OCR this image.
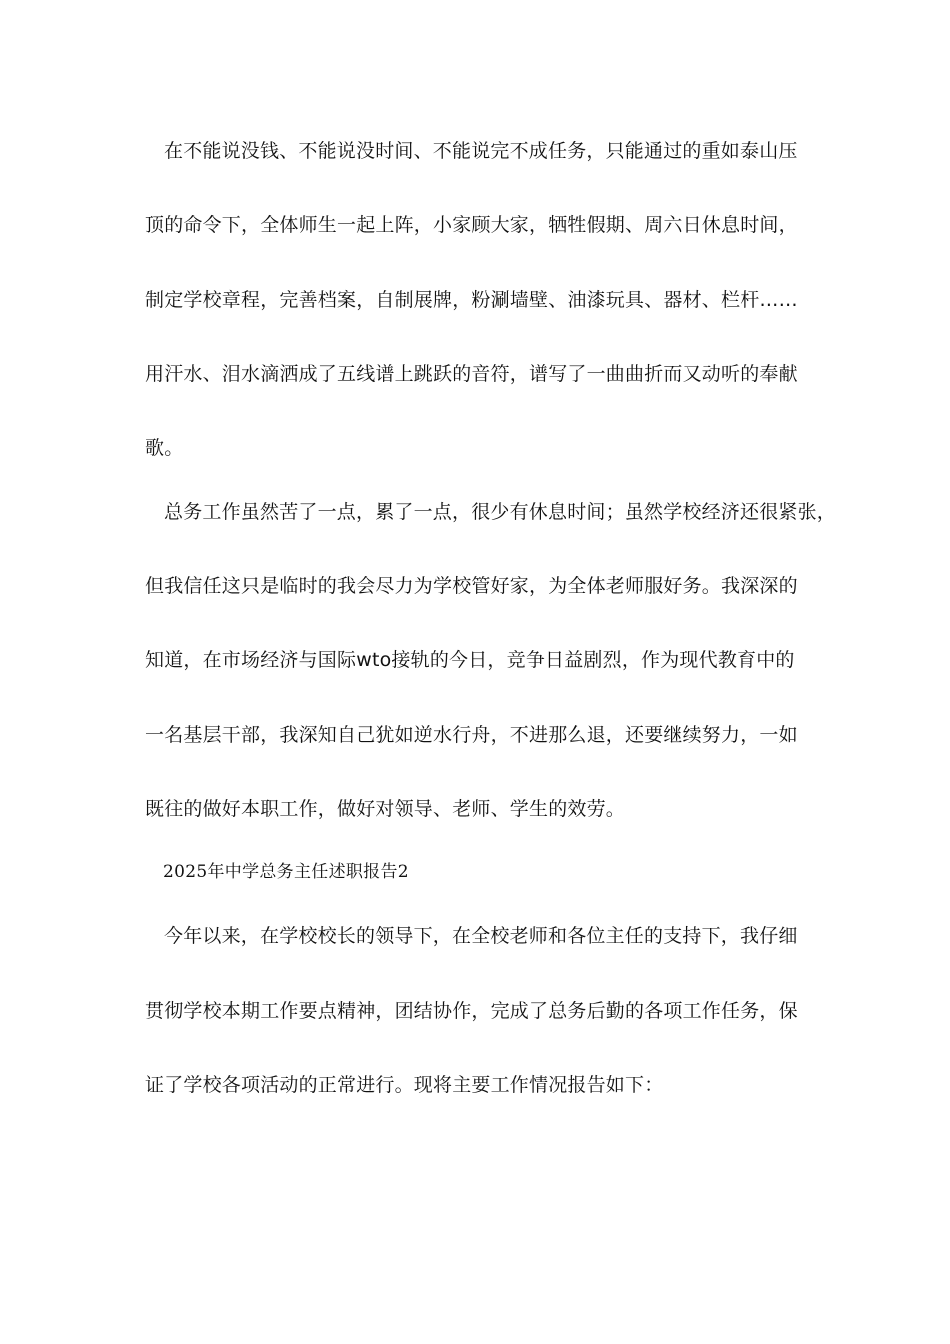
在不能说没钱、不能说没时间、不能说完不成任务，只能通过的重如泰山压
顶的命令下，全体师生一起上阵，小家顾大家，牺牲假期、周六日休息时间，
制定学校章程，完善档案，自制展牌，粉涮墙壁、油漆玩具、器材、栏杆……
用汗水、泪水滴洒成了五线谱上跳跃的音符，谱写了一曲曲折而又动听的奉献
歌。
总务工作虽然苦了一点，累了一点，很少有休息时间；虽然学校经济还很紧张，
但我信任这只是临时的我会尽力为学校管好家，为全体老师服好务。我深深的
知道，在市场经济与国际wto接轨的今日，竞争日益剧烈，作为现代教育中的
一名基层干部，我深知自己犹如逆水行舟，不进那么退，还要继续努力，一如
既往的做好本职工作，做好对领导、老师、学生的效劳。
2025年中学总务主任述职报告2
今年以来，在学校校长的领导下，在全校老师和各位主任的支持下，我仔细
贯彻学校本期工作要点精神，团结协作，完成了总务后勤的各项工作任务，保
证了学校各项活动的正常进行。现将主要工作情况报告如下：
